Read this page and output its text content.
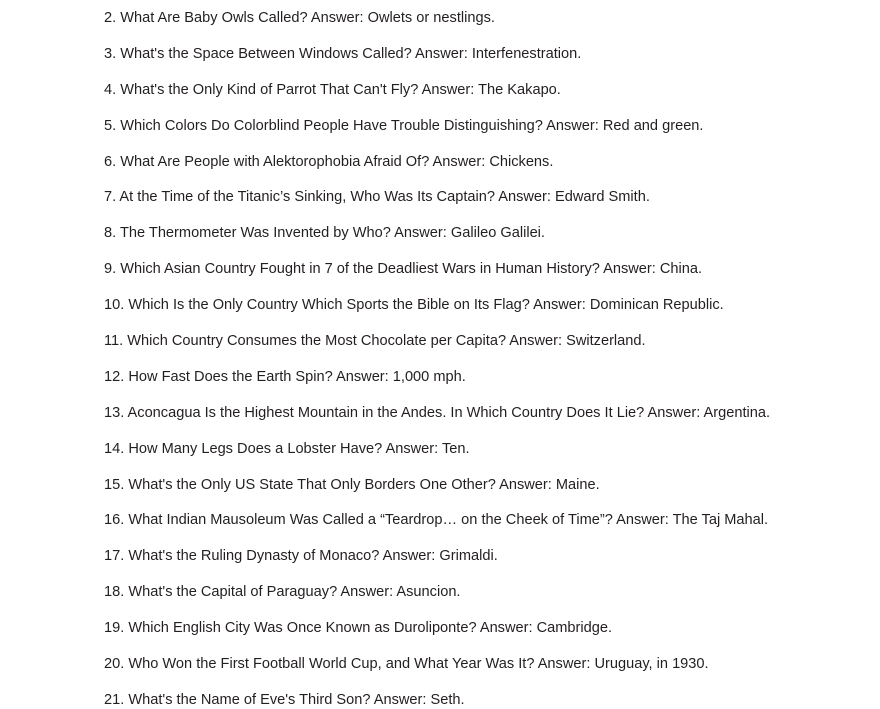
2. What Are Baby Owls Called? Answer: Owlets or nestlings.
3. What's the Space Between Windows Called? Answer: Interfenestration.
4. What's the Only Kind of Parrot That Can't Fly? Answer: The Kakapo.
5. Which Colors Do Colorblind People Have Trouble Distinguishing? Answer: Red and green.
6. What Are People with Alektorophobia Afraid Of? Answer: Chickens.
7. At the Time of the Titanic’s Sinking, Who Was Its Captain? Answer: Edward Smith.
8. The Thermometer Was Invented by Who? Answer: Galileo Galilei.
9. Which Asian Country Fought in 7 of the Deadliest Wars in Human History? Answer: China.
10. Which Is the Only Country Which Sports the Bible on Its Flag? Answer: Dominican Republic.
11. Which Country Consumes the Most Chocolate per Capita? Answer: Switzerland.
12. How Fast Does the Earth Spin? Answer: 1,000 mph.
13. Aconcagua Is the Highest Mountain in the Andes. In Which Country Does It Lie? Answer: Argentina.
14. How Many Legs Does a Lobster Have? Answer: Ten.
15. What's the Only US State That Only Borders One Other? Answer: Maine.
16. What Indian Mausoleum Was Called a “Teardrop… on the Cheek of Time”? Answer: The Taj Mahal.
17. What's the Ruling Dynasty of Monaco? Answer: Grimaldi.
18. What's the Capital of Paraguay? Answer: Asuncion.
19. Which English City Was Once Known as Duroliponte? Answer: Cambridge.
20. Who Won the First Football World Cup, and What Year Was It? Answer: Uruguay, in 1930.
21. What's the Name of Eve's Third Son? Answer: Seth.
